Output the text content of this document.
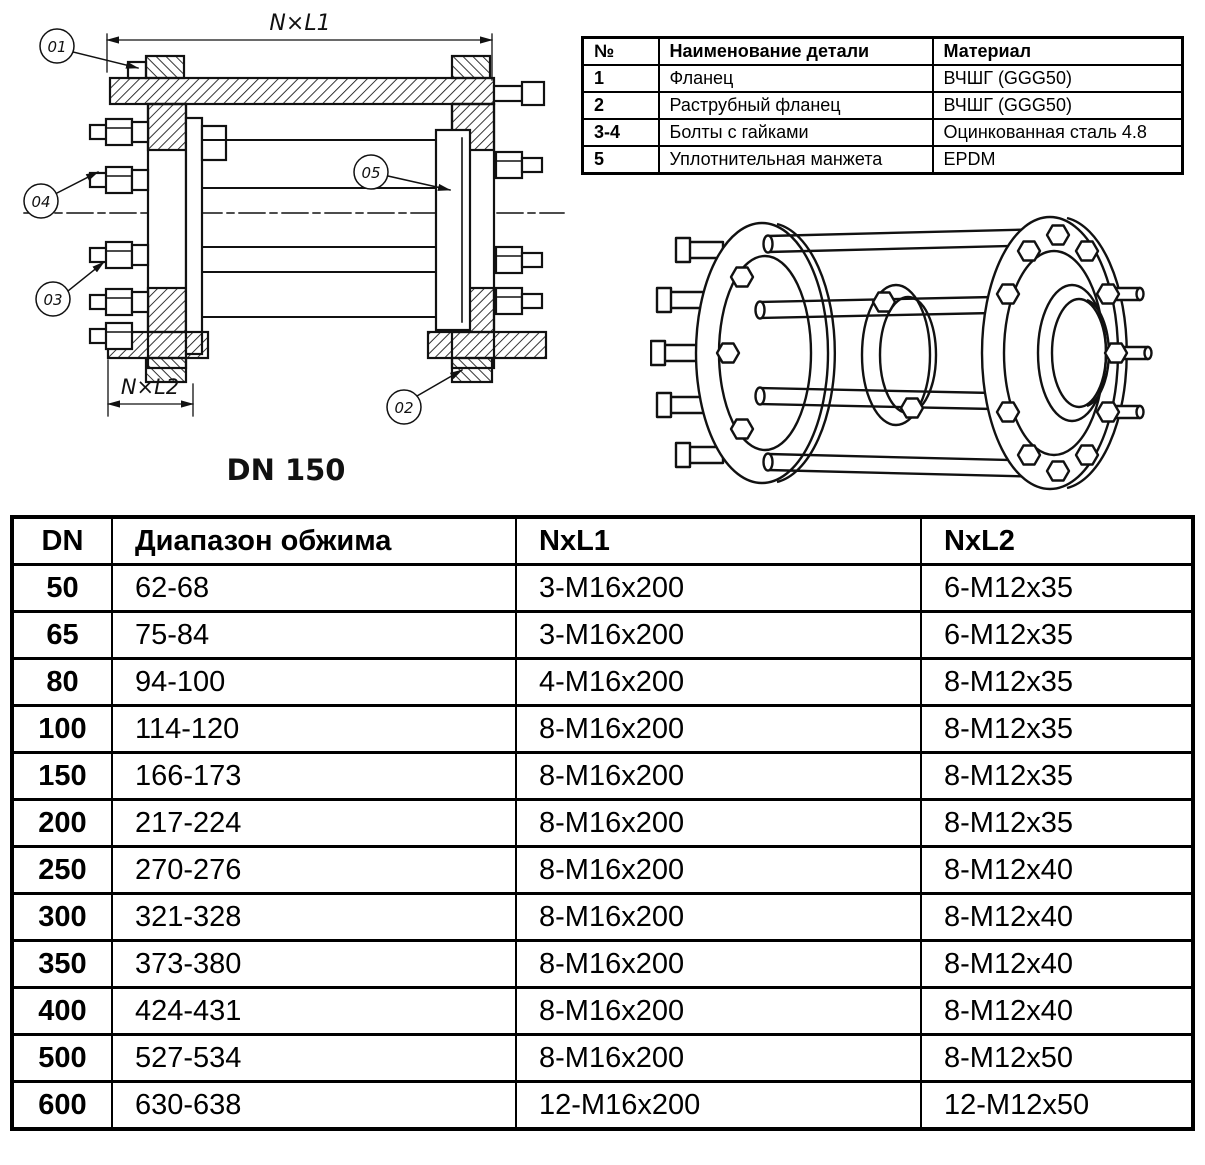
N×L1
N×L2
01
04
03
02
05
DN 150
№	Наименование детали	Материал
1	Фланец	ВЧШГ (GGG50)
2	Раструбный фланец	ВЧШГ (GGG50)
3-4	Болты с гайками	Оцинкованная сталь 4.8
5	Уплотнительная манжета	EPDM
DN	Диапазон обжима	NxL1	NxL2
50	62-68	3-M16x200	6-M12x35
65	75-84	3-M16x200	6-M12x35
80	94-100	4-M16x200	8-M12x35
100	114-120	8-M16x200	8-M12x35
150	166-173	8-M16x200	8-M12x35
200	217-224	8-M16x200	8-M12x35
250	270-276	8-M16x200	8-M12x40
300	321-328	8-M16x200	8-M12x40
350	373-380	8-M16x200	8-M12x40
400	424-431	8-M16x200	8-M12x40
500	527-534	8-M16x200	8-M12x50
600	630-638	12-M16x200	12-M12x50
